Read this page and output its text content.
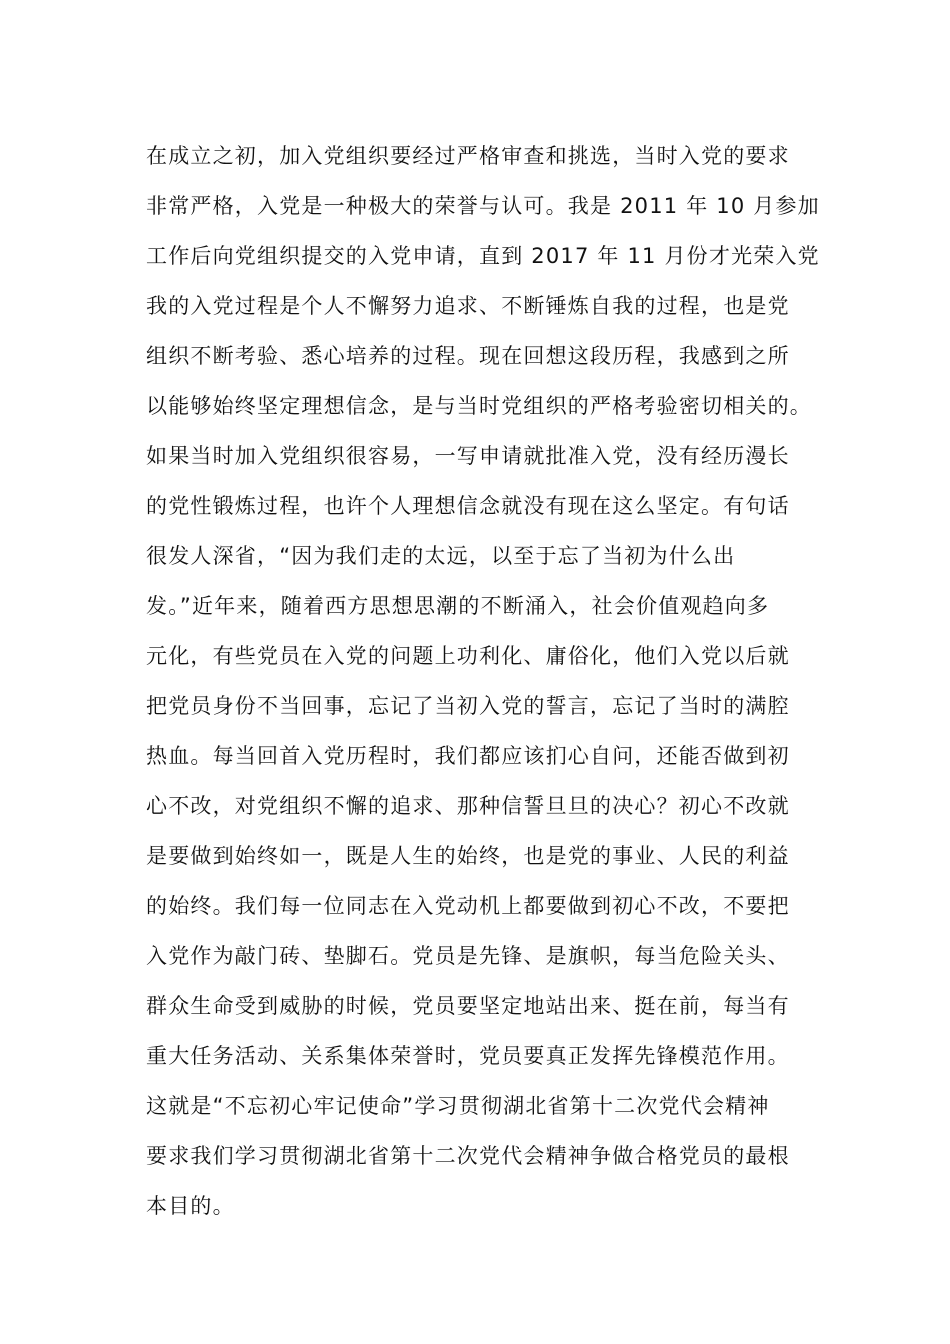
在成立之初，加入党组织要经过严格审查和挑选，当时入党的要求
非常严格，入党是一种极大的荣誉与认可。我是 2011 年 10 月参加
工作后向党组织提交的入党申请，直到 2017 年 11 月份才光荣入党
我的入党过程是个人不懈努力追求、不断锤炼自我的过程，也是党
组织不断考验、悉心培养的过程。现在回想这段历程，我感到之所
以能够始终坚定理想信念，是与当时党组织的严格考验密切相关的。
如果当时加入党组织很容易，一写申请就批准入党，没有经历漫长
的党性锻炼过程，也许个人理想信念就没有现在这么坚定。有句话
很发人深省，“因为我们走的太远，以至于忘了当初为什么出
发。”近年来，随着西方思想思潮的不断涌入，社会价值观趋向多
元化，有些党员在入党的问题上功利化、庸俗化，他们入党以后就
把党员身份不当回事，忘记了当初入党的誓言，忘记了当时的满腔
热血。每当回首入党历程时，我们都应该扪心自问，还能否做到初
心不改，对党组织不懈的追求、那种信誓旦旦的决心？初心不改就
是要做到始终如一，既是人生的始终，也是党的事业、人民的利益
的始终。我们每一位同志在入党动机上都要做到初心不改，不要把
入党作为敲门砖、垫脚石。党员是先锋、是旗帜，每当危险关头、
群众生命受到威胁的时候，党员要坚定地站出来、挺在前，每当有
重大任务活动、关系集体荣誉时，党员要真正发挥先锋模范作用。
这就是“不忘初心牢记使命”学习贯彻湖北省第十二次党代会精神
要求我们学习贯彻湖北省第十二次党代会精神争做合格党员的最根
本目的。
